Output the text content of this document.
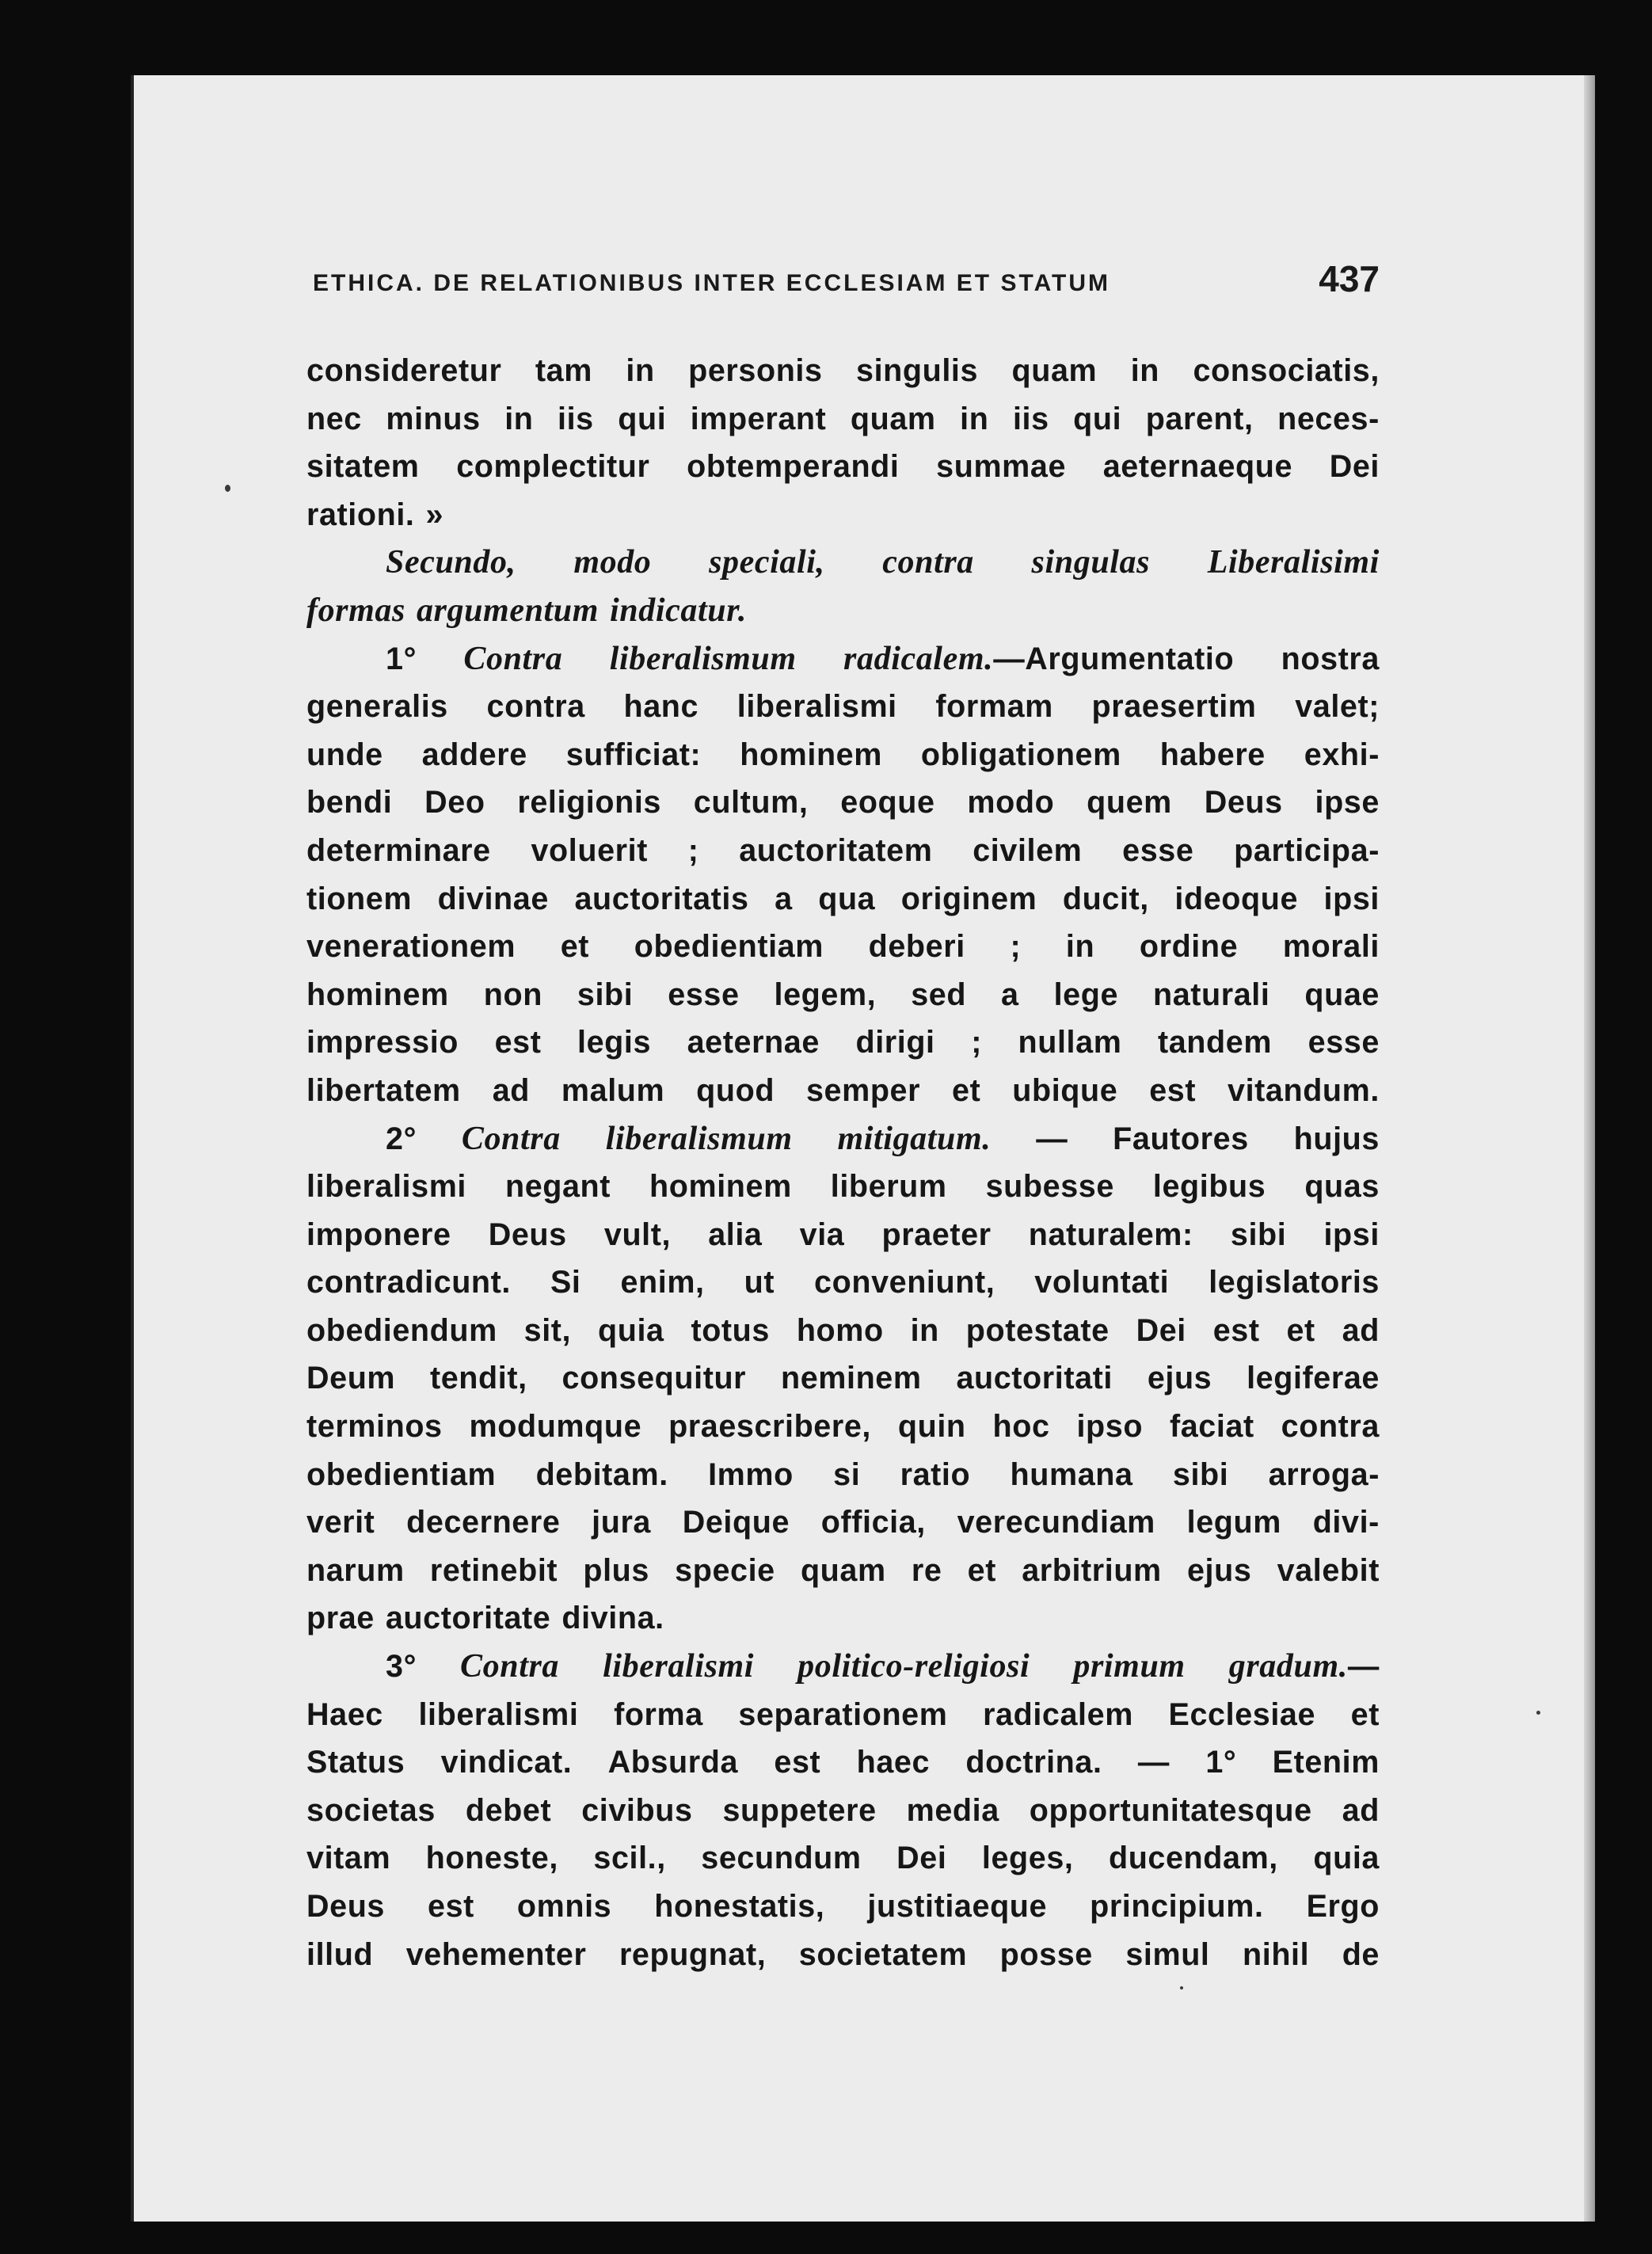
ETHICA. DE RELATIONIBUS INTER ECCLESIAM ET STATUM	437
consideretur tam in personis singulis quam in consociatis,
nec minus in iis qui imperant quam in iis qui parent, neces-
sitatem complectitur obtemperandi summae aeternaeque Dei
rationi. »
Secundo, modo speciali, contra singulas Liberalisimi
formas argumentum indicatur.
1° Contra liberalismum radicalem.—Argumentatio nostra
generalis contra hanc liberalismi formam praesertim valet;
unde addere sufficiat: hominem obligationem habere exhi-
bendi Deo religionis cultum, eoque modo quem Deus ipse
determinare voluerit ; auctoritatem civilem esse participa-
tionem divinae auctoritatis a qua originem ducit, ideoque ipsi
venerationem et obedientiam deberi ; in ordine morali
hominem non sibi esse legem, sed a lege naturali quae
impressio est legis aeternae dirigi ; nullam tandem esse
libertatem ad malum quod semper et ubique est vitandum.
2° Contra liberalismum mitigatum. — Fautores hujus
liberalismi negant hominem liberum subesse legibus quas
imponere Deus vult, alia via praeter naturalem: sibi ipsi
contradicunt. Si enim, ut conveniunt, voluntati legislatoris
obediendum sit, quia totus homo in potestate Dei est et ad
Deum tendit, consequitur neminem auctoritati ejus legiferae
terminos modumque praescribere, quin hoc ipso faciat contra
obedientiam debitam. Immo si ratio humana sibi arroga-
verit decernere jura Deique officia, verecundiam legum divi-
narum retinebit plus specie quam re et arbitrium ejus valebit
prae auctoritate divina.
3° Contra liberalismi politico-religiosi primum gradum.—
Haec liberalismi forma separationem radicalem Ecclesiae et
Status vindicat. Absurda est haec doctrina. — 1° Etenim
societas debet civibus suppetere media opportunitatesque ad
vitam honeste, scil., secundum Dei leges, ducendam, quia
Deus est omnis honestatis, justitiaeque principium. Ergo
illud vehementer repugnat, societatem posse simul nihil de
